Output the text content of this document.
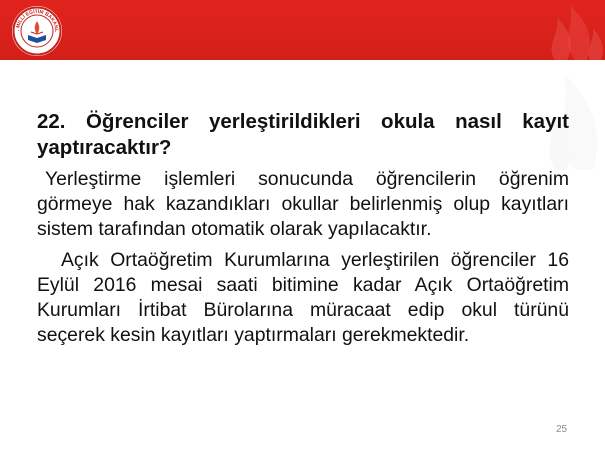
. MİLLÎ EĞİTİM BAKANL

22. Öğrenciler yerleştirildikleri okula nasıl kayıt yaptıracaktır?

Yerleştirme işlemleri sonucunda öğrencilerin öğrenim görmeye hak kazandıkları okullar belirlenmiş olup kayıtları sistem tarafından otomatik olarak yapılacaktır.

Açık Ortaöğretim Kurumlarına yerleştirilen öğrenciler 16 Eylül 2016 mesai saati bitimine kadar Açık Ortaöğretim Kurumları İrtibat Bürolarına müracaat edip okul türünü seçerek kesin kayıtları yaptırmaları gerekmektedir.

25
